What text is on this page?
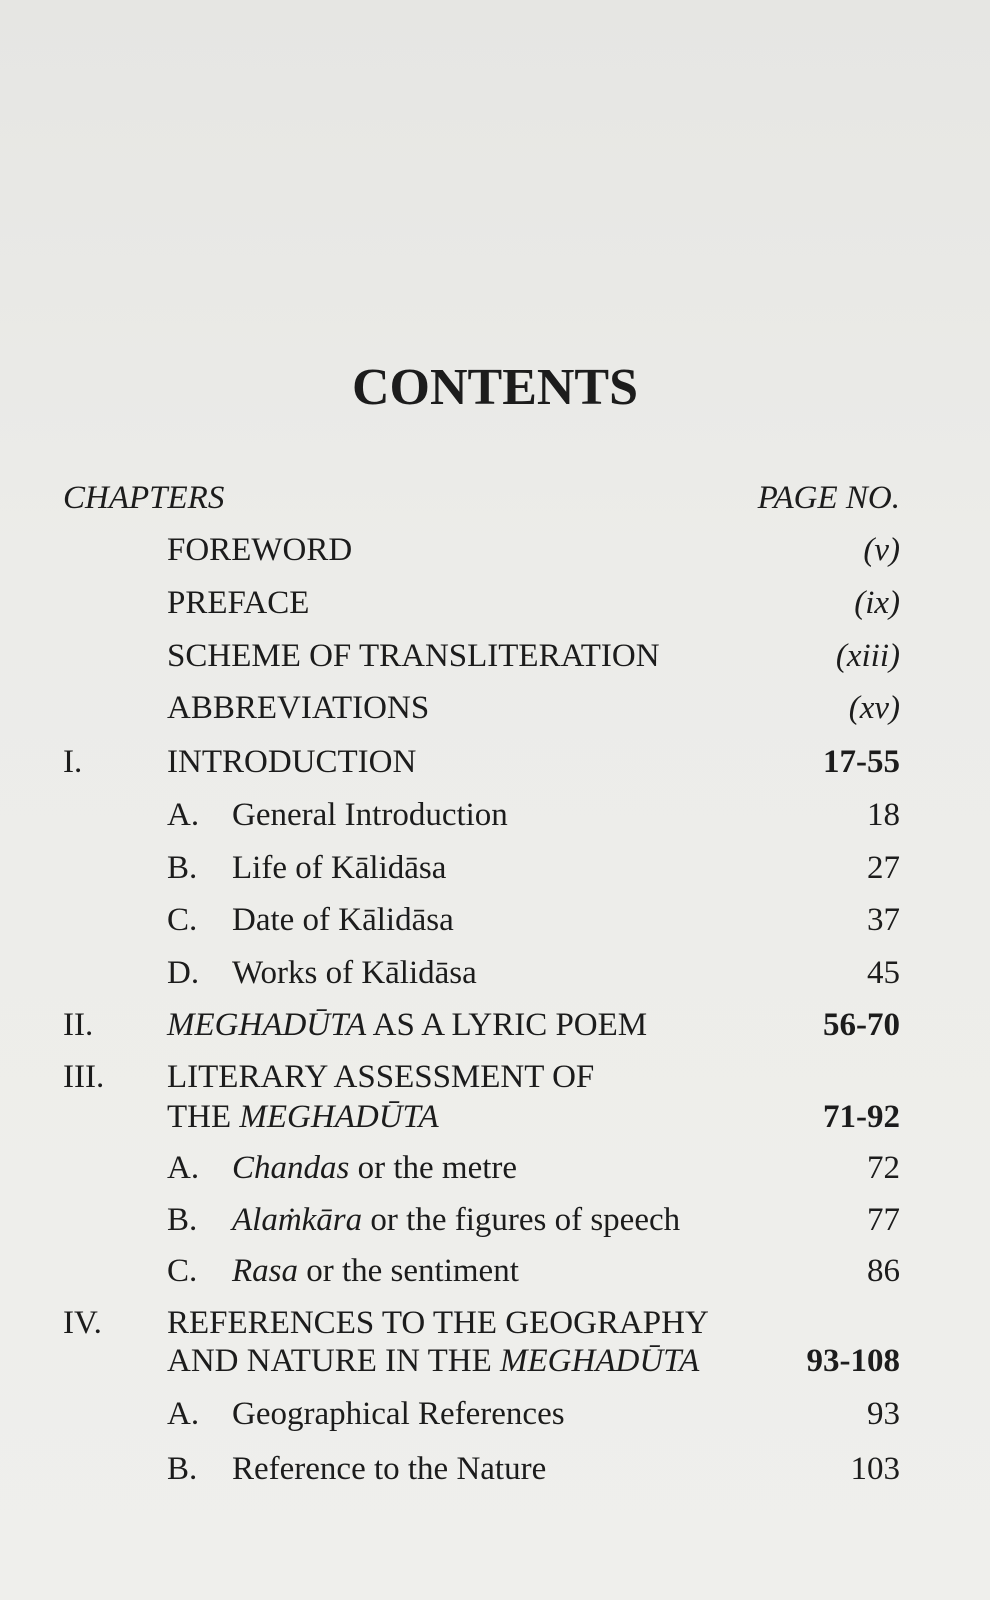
CONTENTS
CHAPTERS	PAGE NO.
FOREWORD	(v)
PREFACE	(ix)
SCHEME OF TRANSLITERATION	(xiii)
ABBREVIATIONS	(xv)
I.	INTRODUCTION	17-55
A. General Introduction	18
B. Life of Kālidāsa	27
C. Date of Kālidāsa	37
D. Works of Kālidāsa	45
II. MEGHADŪTA AS A LYRIC POEM	56-70
III. LITERARY ASSESSMENT OF
THE MEGHADŪTA	71-92
A. Chandas or the metre	72
B. Alaṁkāra or the figures of speech	77
C. Rasa or the sentiment	86
IV. REFERENCES TO THE GEOGRAPHY
AND NATURE IN THE MEGHADŪTA	93-108
A. Geographical References	93
B. Reference to the Nature	103
